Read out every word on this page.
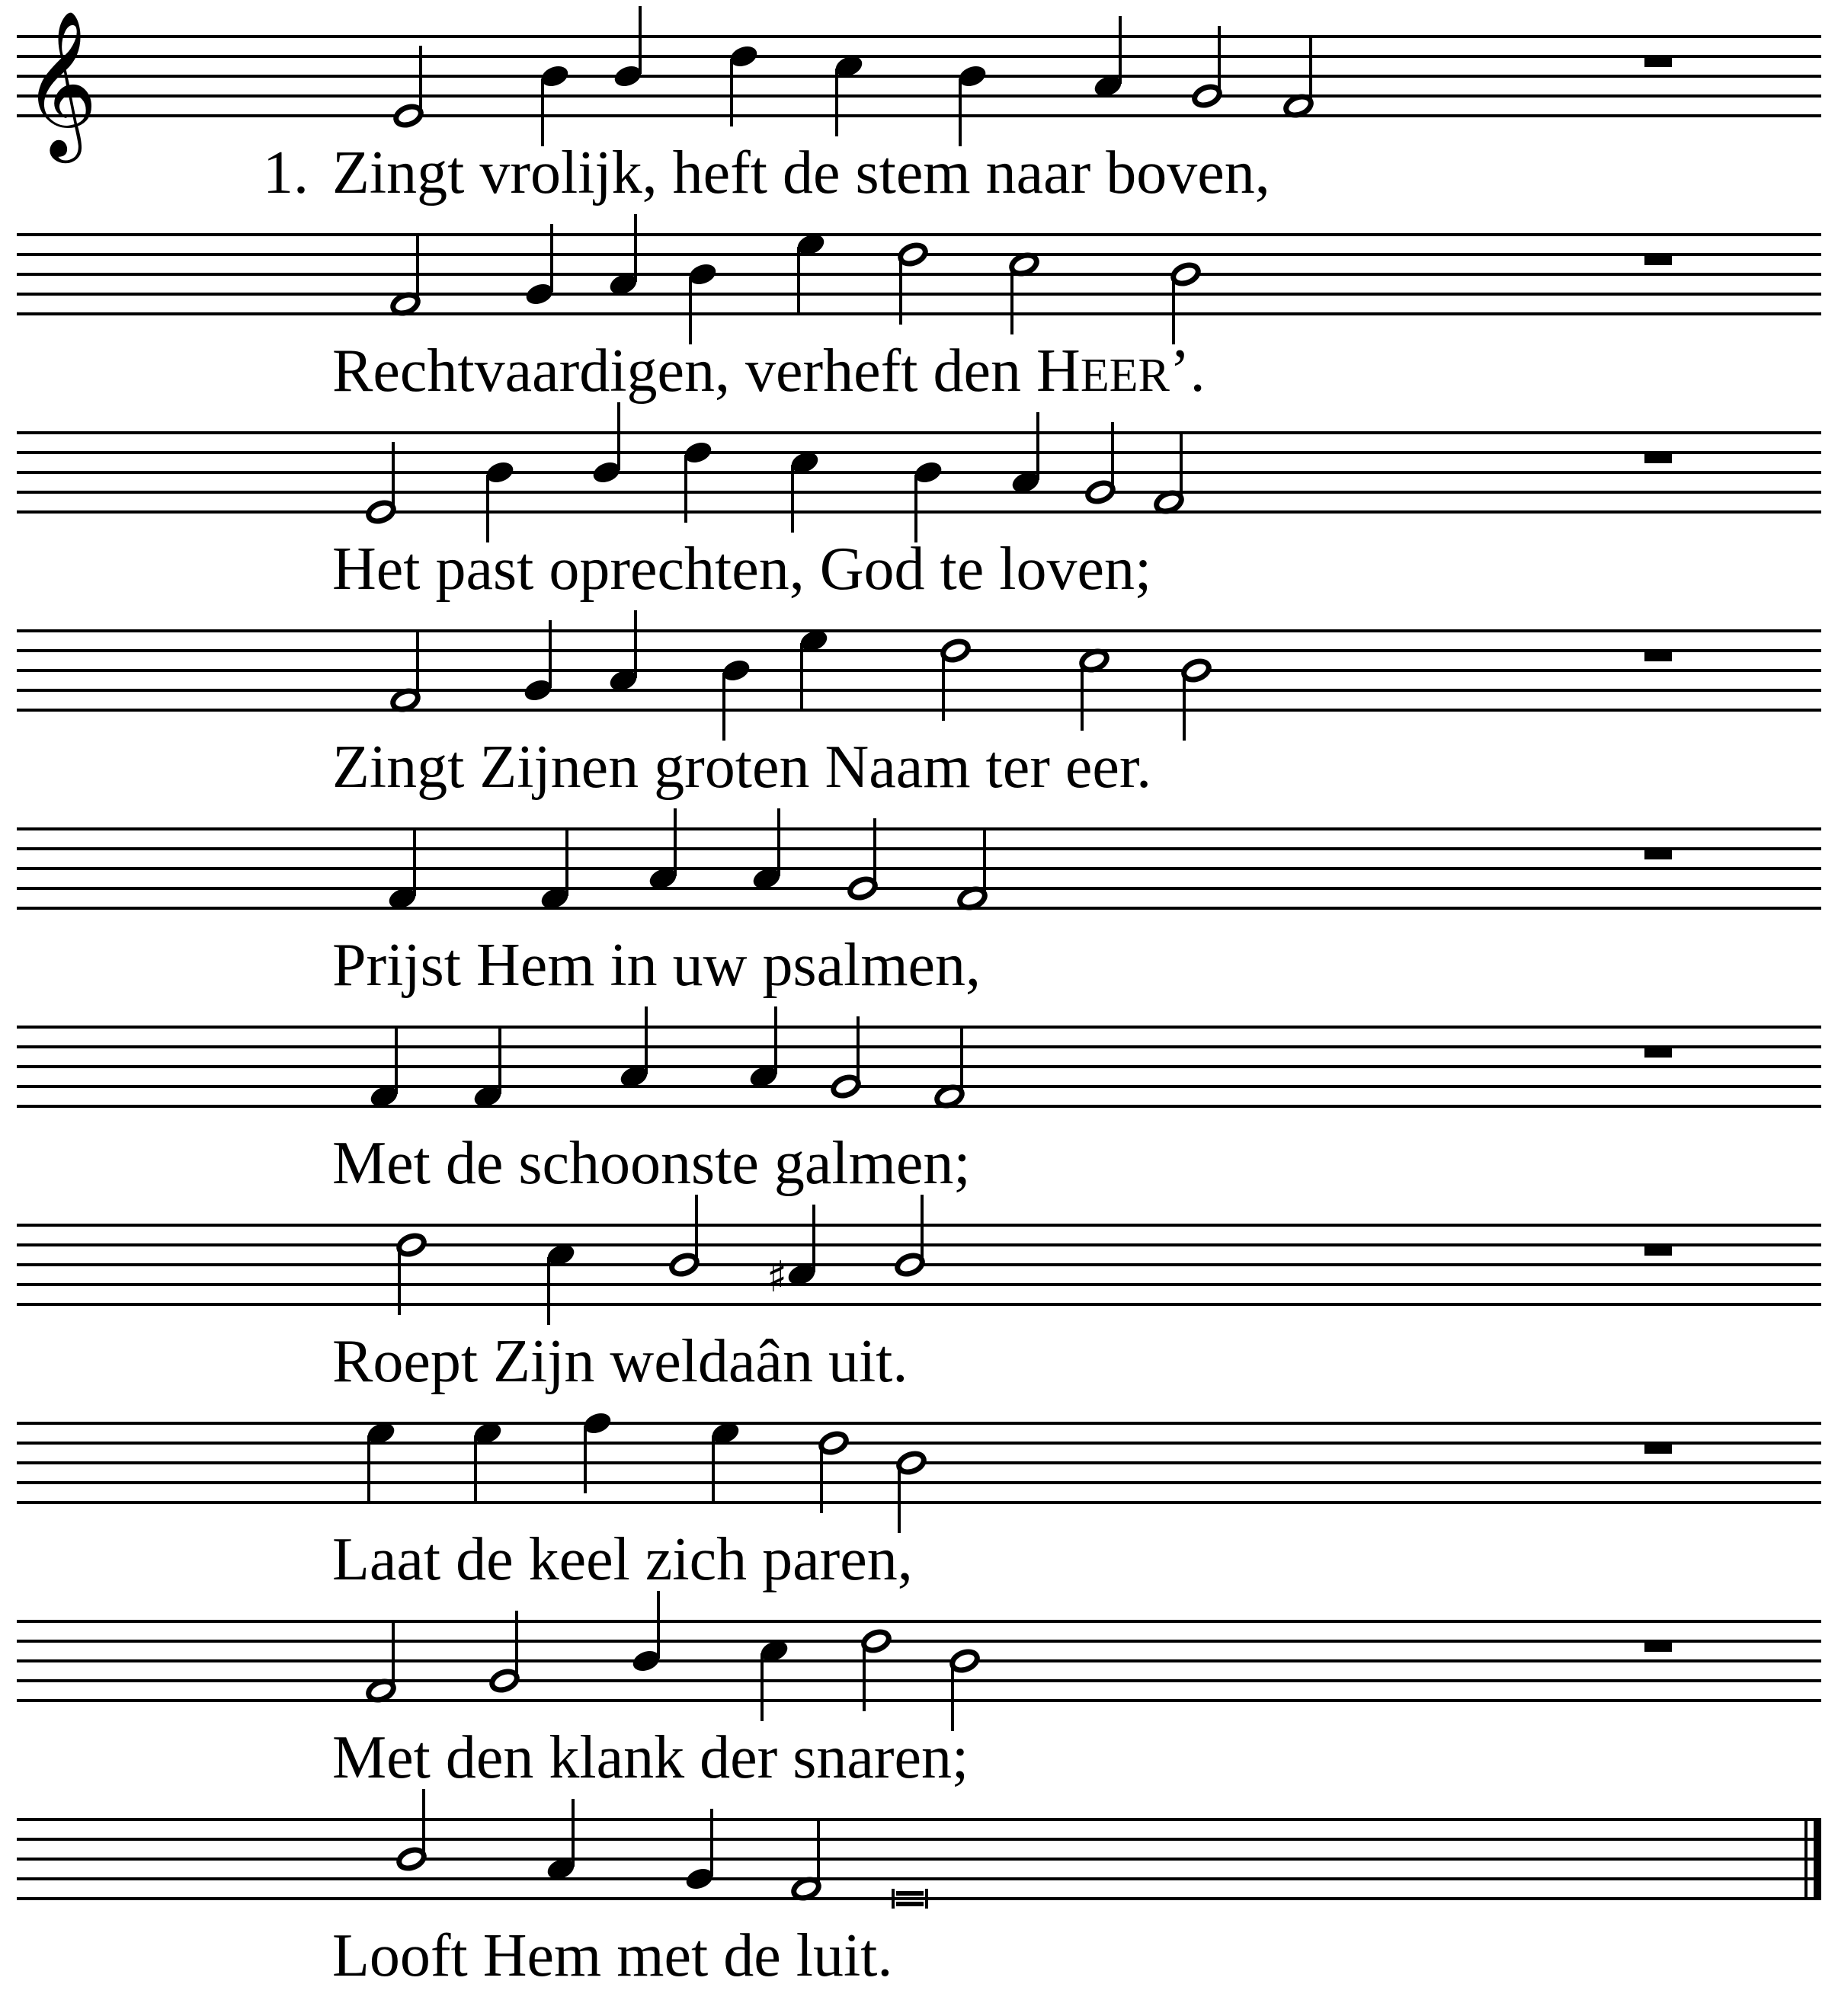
𝄞
Zingt vrolijk, heft de stem naar boven,
Rechtvaardigen, verheft den HEER’.
Het past oprechten, God te loven;
Zingt Zijnen groten Naam ter eer.
Prijst Hem in uw psalmen,
Met de schoonste galmen;
♯
Roept Zijn weldaân uit.
Laat de keel zich paren,
Met den klank der snaren;
Looft Hem met de luit.
1.
